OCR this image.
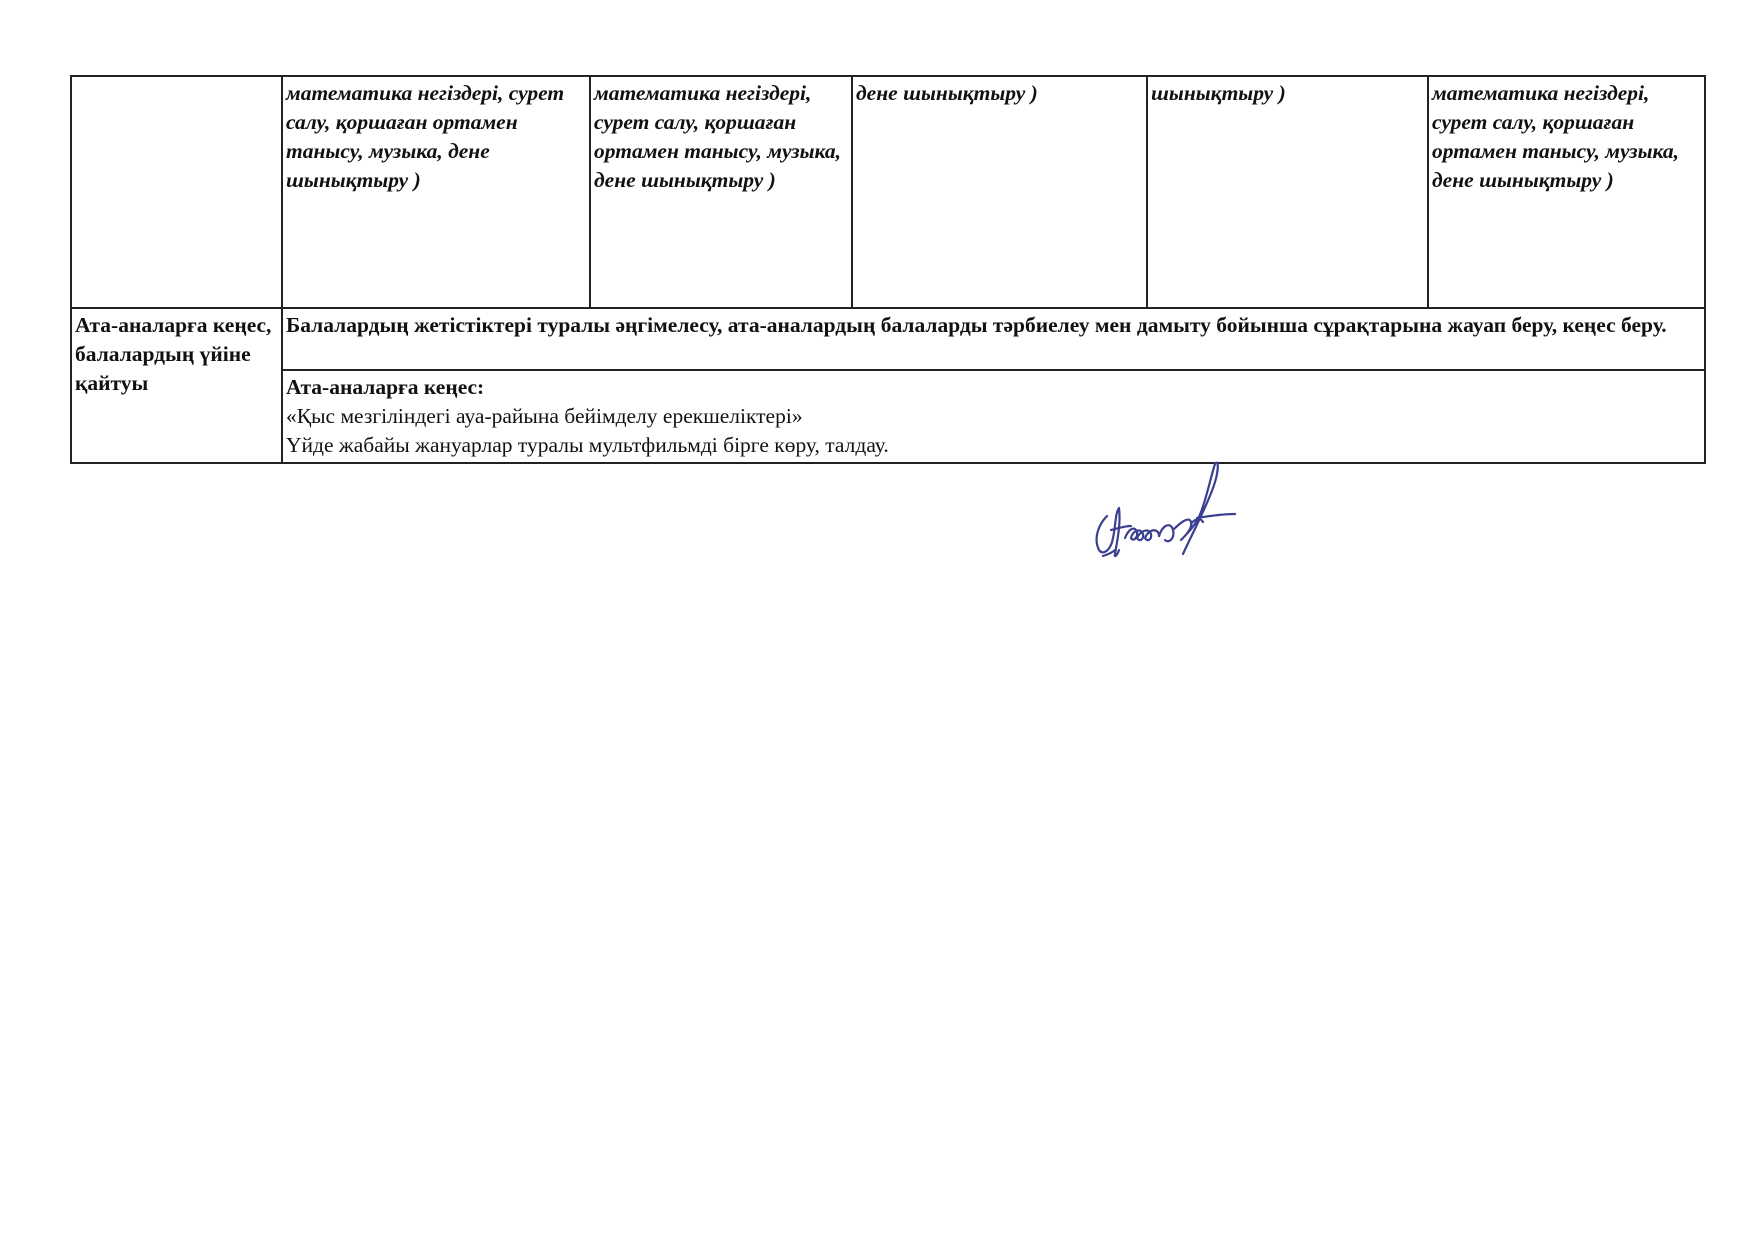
	математика негіздері, сурет салу, қоршаған ортамен танысу, музыка, дене шынықтыру )	математика негіздері, сурет салу, қоршаған ортамен танысу, музыка, дене шынықтыру )	дене шынықтыру )	шынықтыру )	математика негіздері, сурет салу, қоршаған ортамен танысу, музыка, дене шынықтыру )
Ата-аналарға кеңес, балалардың үйіне қайтуы	Балалардың жетістіктері туралы әңгімелесу, ата-аналардың балаларды тәрбиелеу мен дамыту бойынша сұрақтарына жауап беру, кеңес беру.				

	Ата-аналарға кеңес:
«Қыс мезгіліндегі ауа-райына бейімделу ерекшеліктері»
Үйде жабайы жануарлар туралы мультфильмді бірге көру, талдау.				
